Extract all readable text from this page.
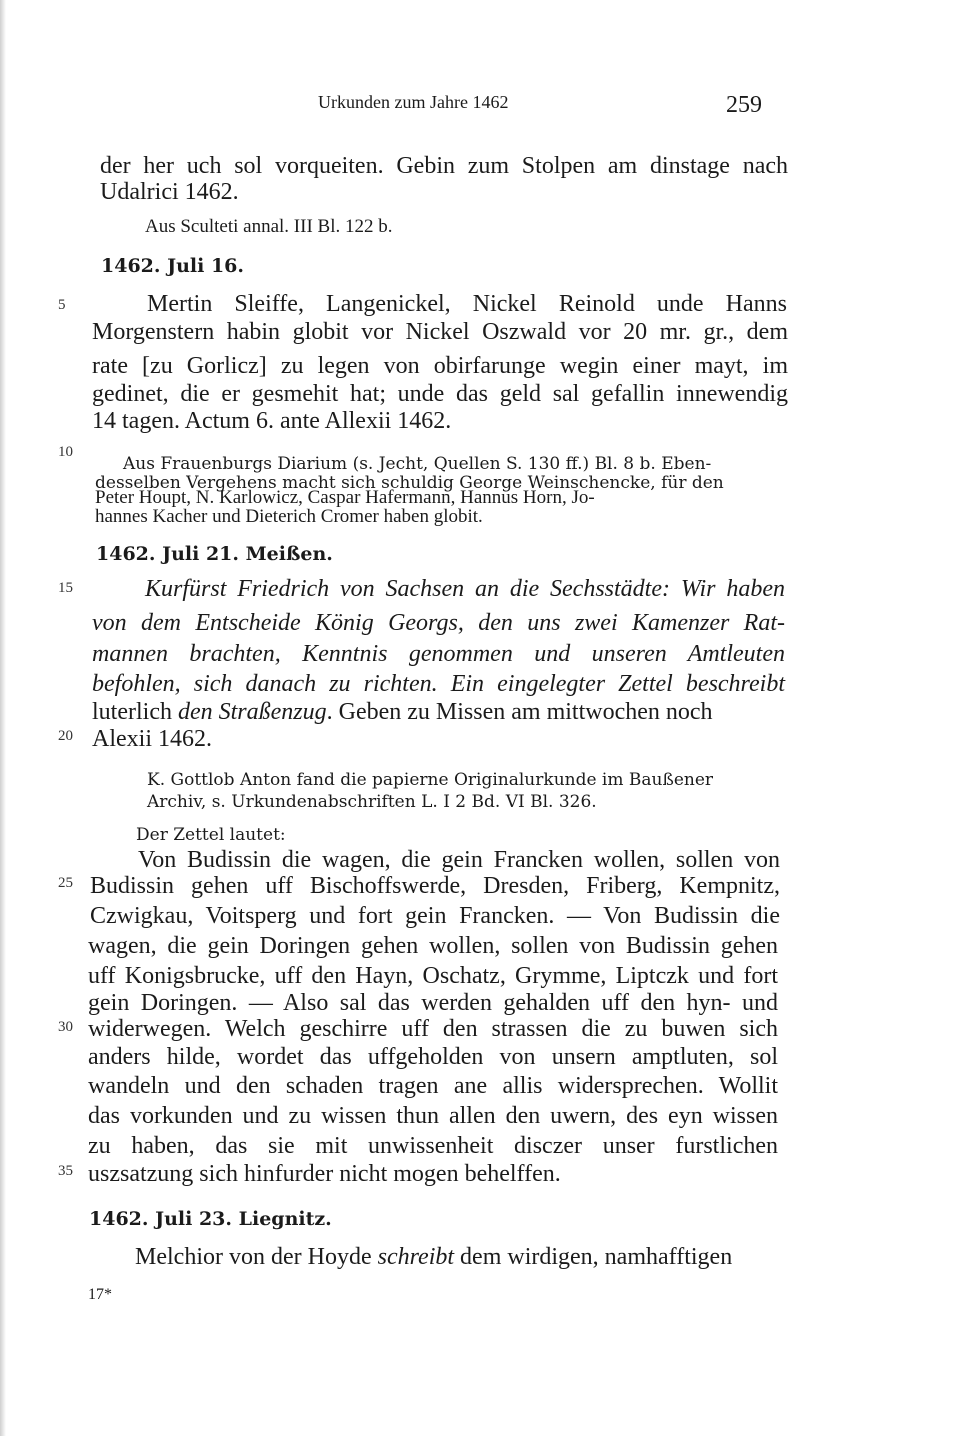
Urkunden zum Jahre 1462	259
der her uch sol vorqueiten. Gebin zum Stolpen am dinstage nach
Udalrici 1462.
Aus Sculteti annal. III Bl. 122 b.
1462. Juli 16.
5	Mertin Sleiffe, Langenickel, Nickel Reinold unde Hanns
Morgenstern habin globit vor Nickel Oszwald vor 20 mr. gr., dem
rate [zu Gorlicz] zu legen von obirfarunge wegin einer mayt, im
gedinet, die er gesmehit hat; unde das geld sal gefallin innewendig
14 tagen. Actum 6. ante Allexii 1462.
10
Aus Frauenburgs Diarium (s. Jecht, Quellen S. 130 ff.) Bl. 8 b. Eben-
desselben Vergehens macht sich schuldig George Weinschencke, für den
Peter Houpt, N. Karlowicz, Caspar Hafermann, Hannus Horn, Jo-
hannes Kacher und Dieterich Cromer haben globit.
1462. Juli 21. Meißen.
15	Kurfürst Friedrich von Sachsen an die Sechsstädte: Wir haben
von dem Entscheide König Georgs, den uns zwei Kamenzer Rat-
mannen brachten, Kenntnis genommen und unseren Amtleuten
befohlen, sich danach zu richten. Ein eingelegter Zettel beschreibt
luterlich den Straßenzug. Geben zu Missen am mittwochen noch
20 Alexii 1462.
K. Gottlob Anton fand die papierne Originalurkunde im Baußener
Archiv, s. Urkundenabschriften L. I 2 Bd. VI Bl. 326.
Der Zettel lautet:
Von Budissin die wagen, die gein Francken wollen, sollen von
25 Budissin gehen uff Bischoffswerde, Dresden, Friberg, Kempnitz,
Czwigkau, Voitsperg und fort gein Francken. — Von Budissin die
wagen, die gein Doringen gehen wollen, sollen von Budissin gehen
uff Konigsbrucke, uff den Hayn, Oschatz, Grymme, Liptczk und fort
gein Doringen. — Also sal das werden gehalden uff den hyn- und
30 widerwegen. Welch geschirre uff den strassen die zu buwen sich
anders hilde, wordet das uffgeholden von unsern amptluten, sol
wandeln und den schaden tragen ane allis widersprechen. Wollit
das vorkunden und zu wissen thun allen den uwern, des eyn wissen
zu haben, das sie mit unwissenheit disczer unser furstlichen
35 uszsatzung sich hinfurder nicht mogen behelffen.
1462. Juli 23. Liegnitz.
Melchior von der Hoyde schreibt dem wirdigen, namhafftigen
17*
